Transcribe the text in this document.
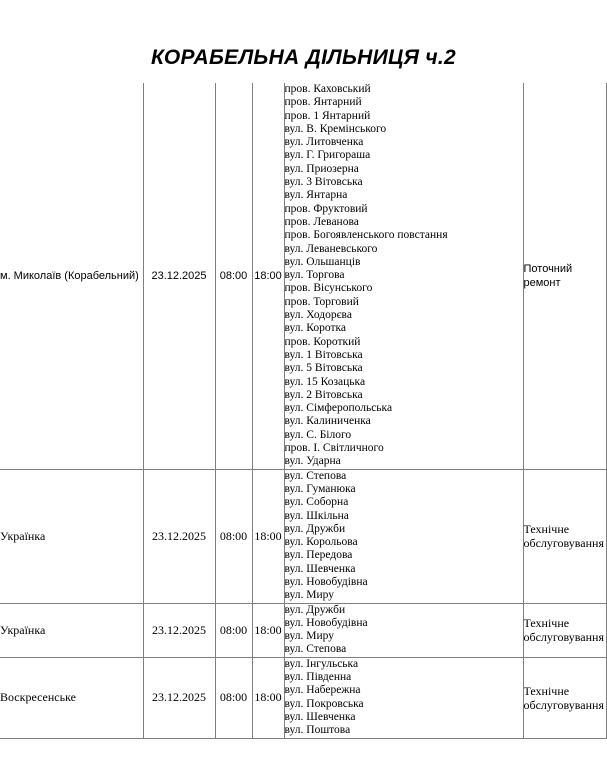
КОРАБЕЛЬНА ДІЛЬНИЦЯ ч.2
м. Миколаїв (Корабельний)	23.12.2025	08:00	18:00	
пров. Каховський
пров. Янтарний
пров. 1 Янтарний
вул. В. Кремінського
вул. Литовченка
вул. Г. Григораша
вул. Приозерна
вул. 3 Вітовська
вул. Янтарна
пров. Фруктовий
пров. Леванова
пров. Богоявленського повстання
вул. Леваневського
вул. Ольшанців
вул. Торгова
пров. Вісунського
пров. Торговий
вул. Ходорєва
вул. Коротка
пров. Короткий
вул. 1 Вітовська
вул. 5 Вітовська
вул. 15 Козацька
вул. 2 Вітовська
вул. Сімферопольська
вул. Калиниченка
вул. С. Білого
пров. І. Світличного
вул. Ударна
	Поточний ремонт
Українка	23.12.2025	08:00	18:00	
вул. Степова
вул. Гуманюка
вул. Соборна
вул. Шкільна
вул. Дружби
вул. Корольова
вул. Передова
вул. Шевченка
вул. Новобудівна
вул. Миру
	Технічне обслуговування
Українка	23.12.2025	08:00	18:00	вул. Дружби
вул. Новобудівна
вул. Миру
вул. Степова	Технічне обслуговування
Воскресенське	23.12.2025	08:00	18:00	
вул. Інгульська
вул. Південна
вул. Набережна
вул. Покровська
вул. Шевченка
вул. Поштова
	Технічне обслуговування
